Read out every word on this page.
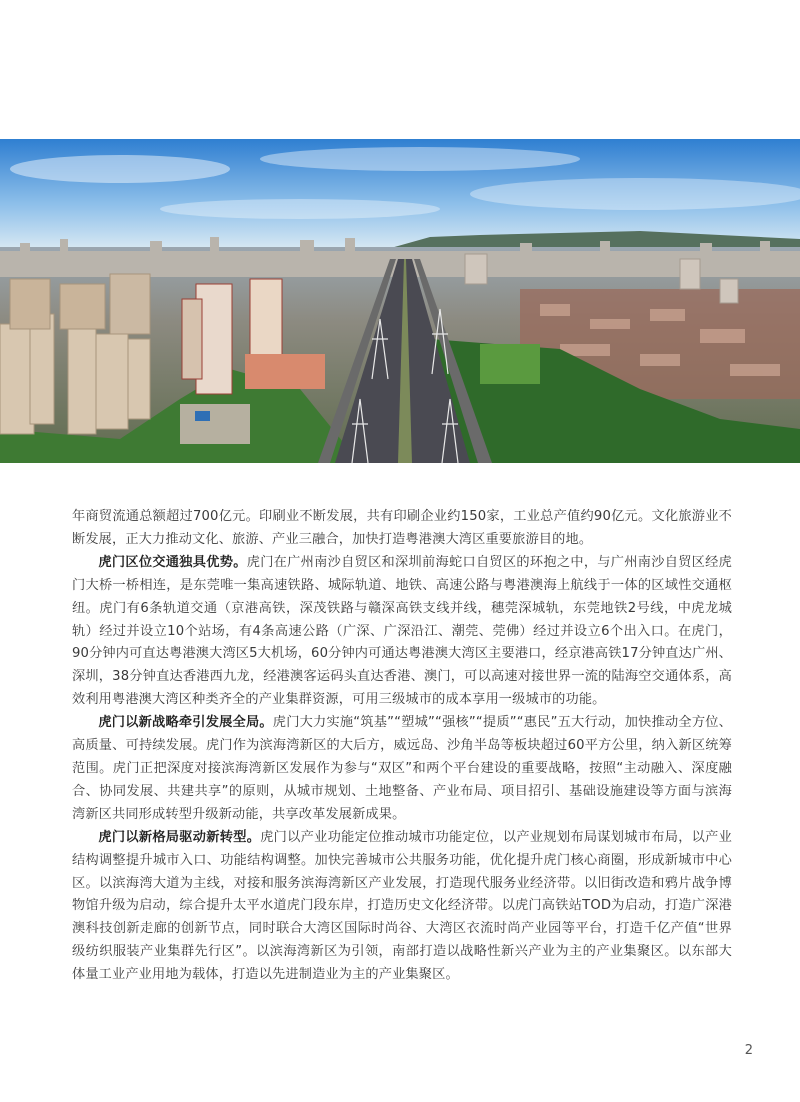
年商贸流通总额超过700亿元。印刷业不断发展，共有印刷企业约150家，工业总产值约90亿元。文化旅游业不断发展，正大力推动文化、旅游、产业三融合，加快打造粤港澳大湾区重要旅游目的地。

虎门区位交通独具优势。虎门在广州南沙自贸区和深圳前海蛇口自贸区的环抱之中，与广州南沙自贸区经虎门大桥一桥相连，是东莞唯一集高速铁路、城际轨道、地铁、高速公路与粤港澳海上航线于一体的区域性交通枢纽。虎门有6条轨道交通（京港高铁，深茂铁路与赣深高铁支线并线，穗莞深城轨，东莞地铁2号线，中虎龙城轨）经过并设立10个站场，有4条高速公路（广深、广深沿江、潮莞、莞佛）经过并设立6个出入口。在虎门，90分钟内可直达粤港澳大湾区5大机场，60分钟内可通达粤港澳大湾区主要港口，经京港高铁17分钟直达广州、深圳，38分钟直达香港西九龙，经港澳客运码头直达香港、澳门，可以高速对接世界一流的陆海空交通体系，高效利用粤港澳大湾区种类齐全的产业集群资源，可用三级城市的成本享用一级城市的功能。

虎门以新战略牵引发展全局。虎门大力实施“筑基”“塑城”“强核”“提质”“惠民”五大行动，加快推动全方位、高质量、可持续发展。虎门作为滨海湾新区的大后方，威远岛、沙角半岛等板块超过60平方公里，纳入新区统筹范围。虎门正把深度对接滨海湾新区发展作为参与“双区”和两个平台建设的重要战略，按照“主动融入、深度融合、协同发展、共建共享”的原则，从城市规划、土地整备、产业布局、项目招引、基础设施建设等方面与滨海湾新区共同形成转型升级新动能，共享改革发展新成果。

虎门以新格局驱动新转型。虎门以产业功能定位推动城市功能定位，以产业规划布局谋划城市布局，以产业结构调整提升城市入口、功能结构调整。加快完善城市公共服务功能，优化提升虎门核心商圈，形成新城市中心区。以滨海湾大道为主线，对接和服务滨海湾新区产业发展，打造现代服务业经济带。以旧街改造和鸦片战争博物馆升级为启动，综合提升太平水道虎门段东岸，打造历史文化经济带。以虎门高铁站TOD为启动，打造广深港澳科技创新走廊的创新节点，同时联合大湾区国际时尚谷、大湾区衣流时尚产业园等平台，打造千亿产值“世界级纺织服装产业集群先行区”。以滨海湾新区为引领，南部打造以战略性新兴产业为主的产业集聚区。以东部大体量工业产业用地为载体，打造以先进制造业为主的产业集聚区。

2
